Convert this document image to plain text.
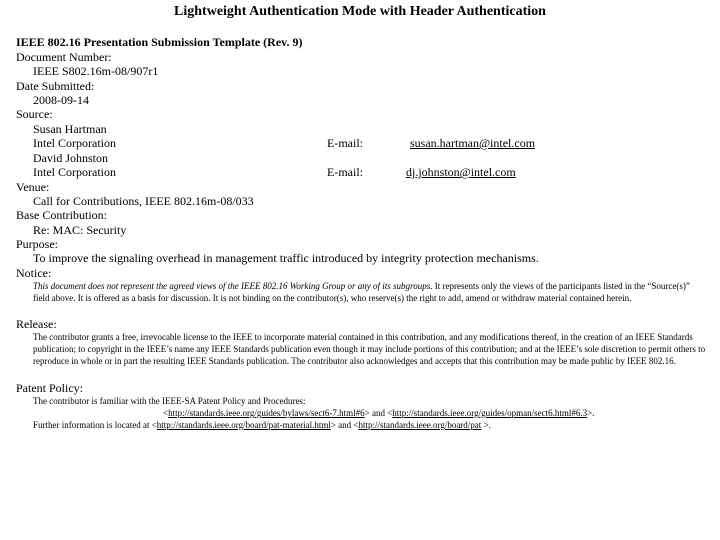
Lightweight Authentication Mode with Header Authentication
IEEE 802.16 Presentation Submission Template (Rev. 9)
Document Number:
IEEE S802.16m-08/907r1
Date Submitted:
2008-09-14
Source:
Susan Hartman
Intel Corporation	E-mail:	susan.hartman@intel.com
David Johnston
Intel Corporation	E-mail:	dj.johnston@intel.com
Venue:
Call for Contributions, IEEE 802.16m-08/033
Base Contribution:
Re: MAC: Security
Purpose:
To improve the signaling overhead in management traffic introduced by integrity protection mechanisms.
Notice:
This document does not represent the agreed views of the IEEE 802.16 Working Group or any of its subgroups. It represents only the views of the participants listed in the “Source(s)” field above. It is offered as a basis for discussion. It is not binding on the contributor(s), who reserve(s) the right to add, amend or withdraw material contained herein.
Release:
The contributor grants a free, irrevocable license to the IEEE to incorporate material contained in this contribution, and any modifications thereof, in the creation of an IEEE Standards publication; to copyright in the IEEE’s name any IEEE Standards publication even though it may include portions of this contribution; and at the IEEE’s sole discretion to permit others to reproduce in whole or in part the resulting IEEE Standards publication. The contributor also acknowledges and accepts that this contribution may be made public by IEEE 802.16.
Patent Policy:
The contributor is familiar with the IEEE-SA Patent Policy and Procedures:
<http://standards.ieee.org/guides/bylaws/sect6-7.html#6> and <http://standards.ieee.org/guides/opman/sect6.html#6.3>.
Further information is located at <http://standards.ieee.org/board/pat-material.html> and <http://standards.ieee.org/board/pat >.
